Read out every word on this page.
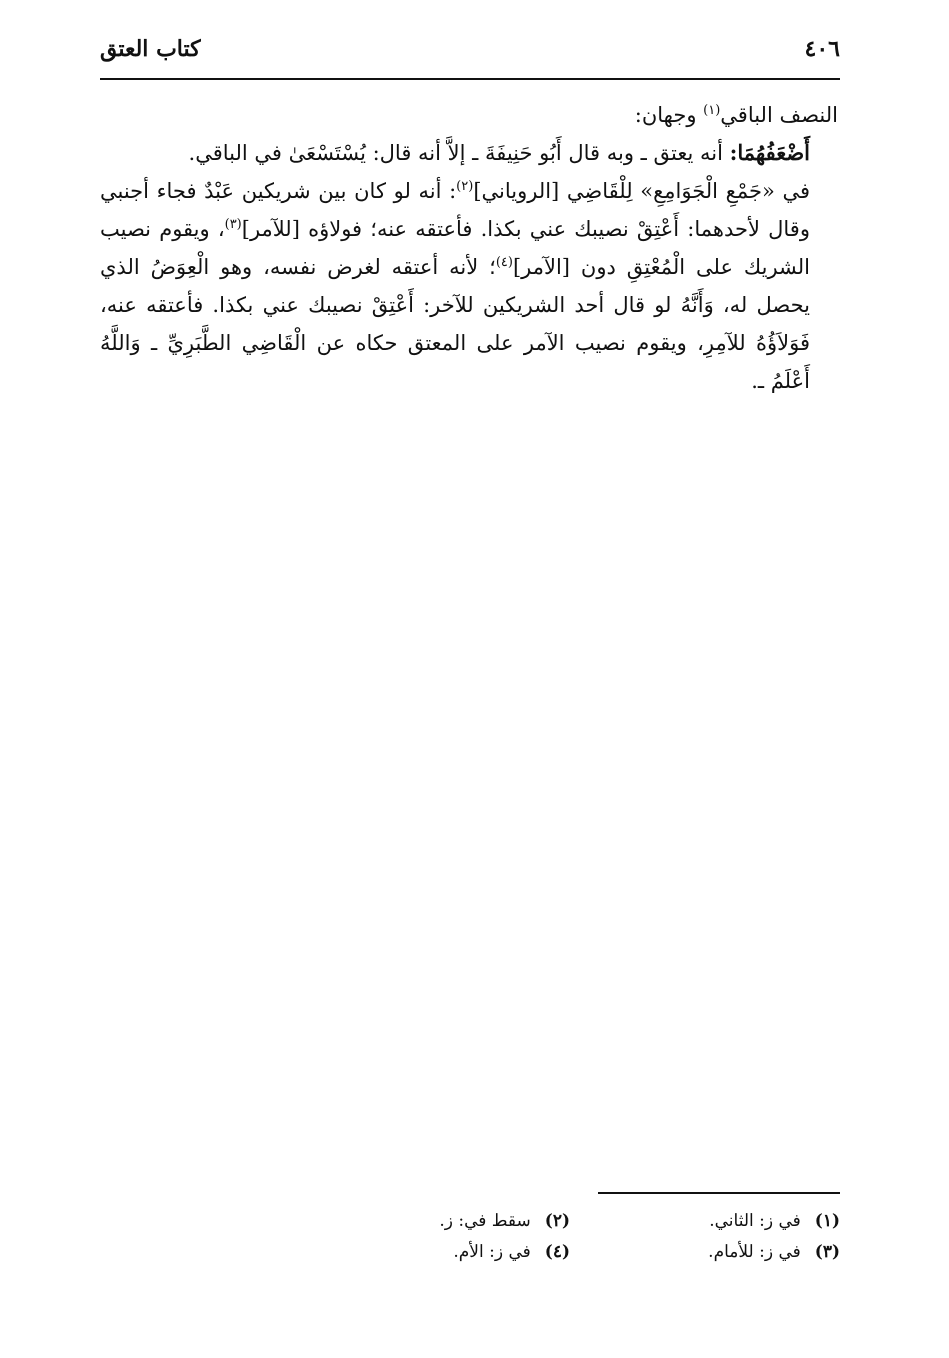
٤٠٦
كتاب العتق

النصف الباقي$^{(١)}$ وجهان:

أَضْعَفُهُمَا: أنه يعتق ـ وبه قال أَبُو حَنِيفَةَ ـ إلاَّ أنه قال: يُسْتَسْعَىٰ في الباقي.

في «جَمْعِ الْجَوَامِعِ» لِلْقَاضِي [الروياني]$^{(٢)}$: أنه لو كان بين شريكين عَبْدٌ فجاء أجنبي وقال لأحدهما: أَعْتِقْ نصيبك عني بكذا. فأعتقه عنه؛ فولاؤه [للآمر]$^{(٣)}$، ويقوم نصيب الشريك على الْمُعْتِقِ دون [الآمر]$^{(٤)}$؛ لأنه أعتقه لغرض نفسه، وهو الْعِوَضُ الذي يحصل له، وَأَنَّهُ لو قال أحد الشريكين للآخر: أَعْتِقْ نصيبك عني بكذا. فأعتقه عنه، فَوَلاَؤُهُ للآمِرِ، ويقوم نصيب الآمر على المعتق حكاه عن الْقَاضِي الطَّبَرِيِّ ـ وَاللَّهُ أَعْلَمُ ـ.

(١)في ز: الثاني.
(٢)سقط في: ز.
(٣)في ز: للأمام.
(٤)في ز: الأم.
